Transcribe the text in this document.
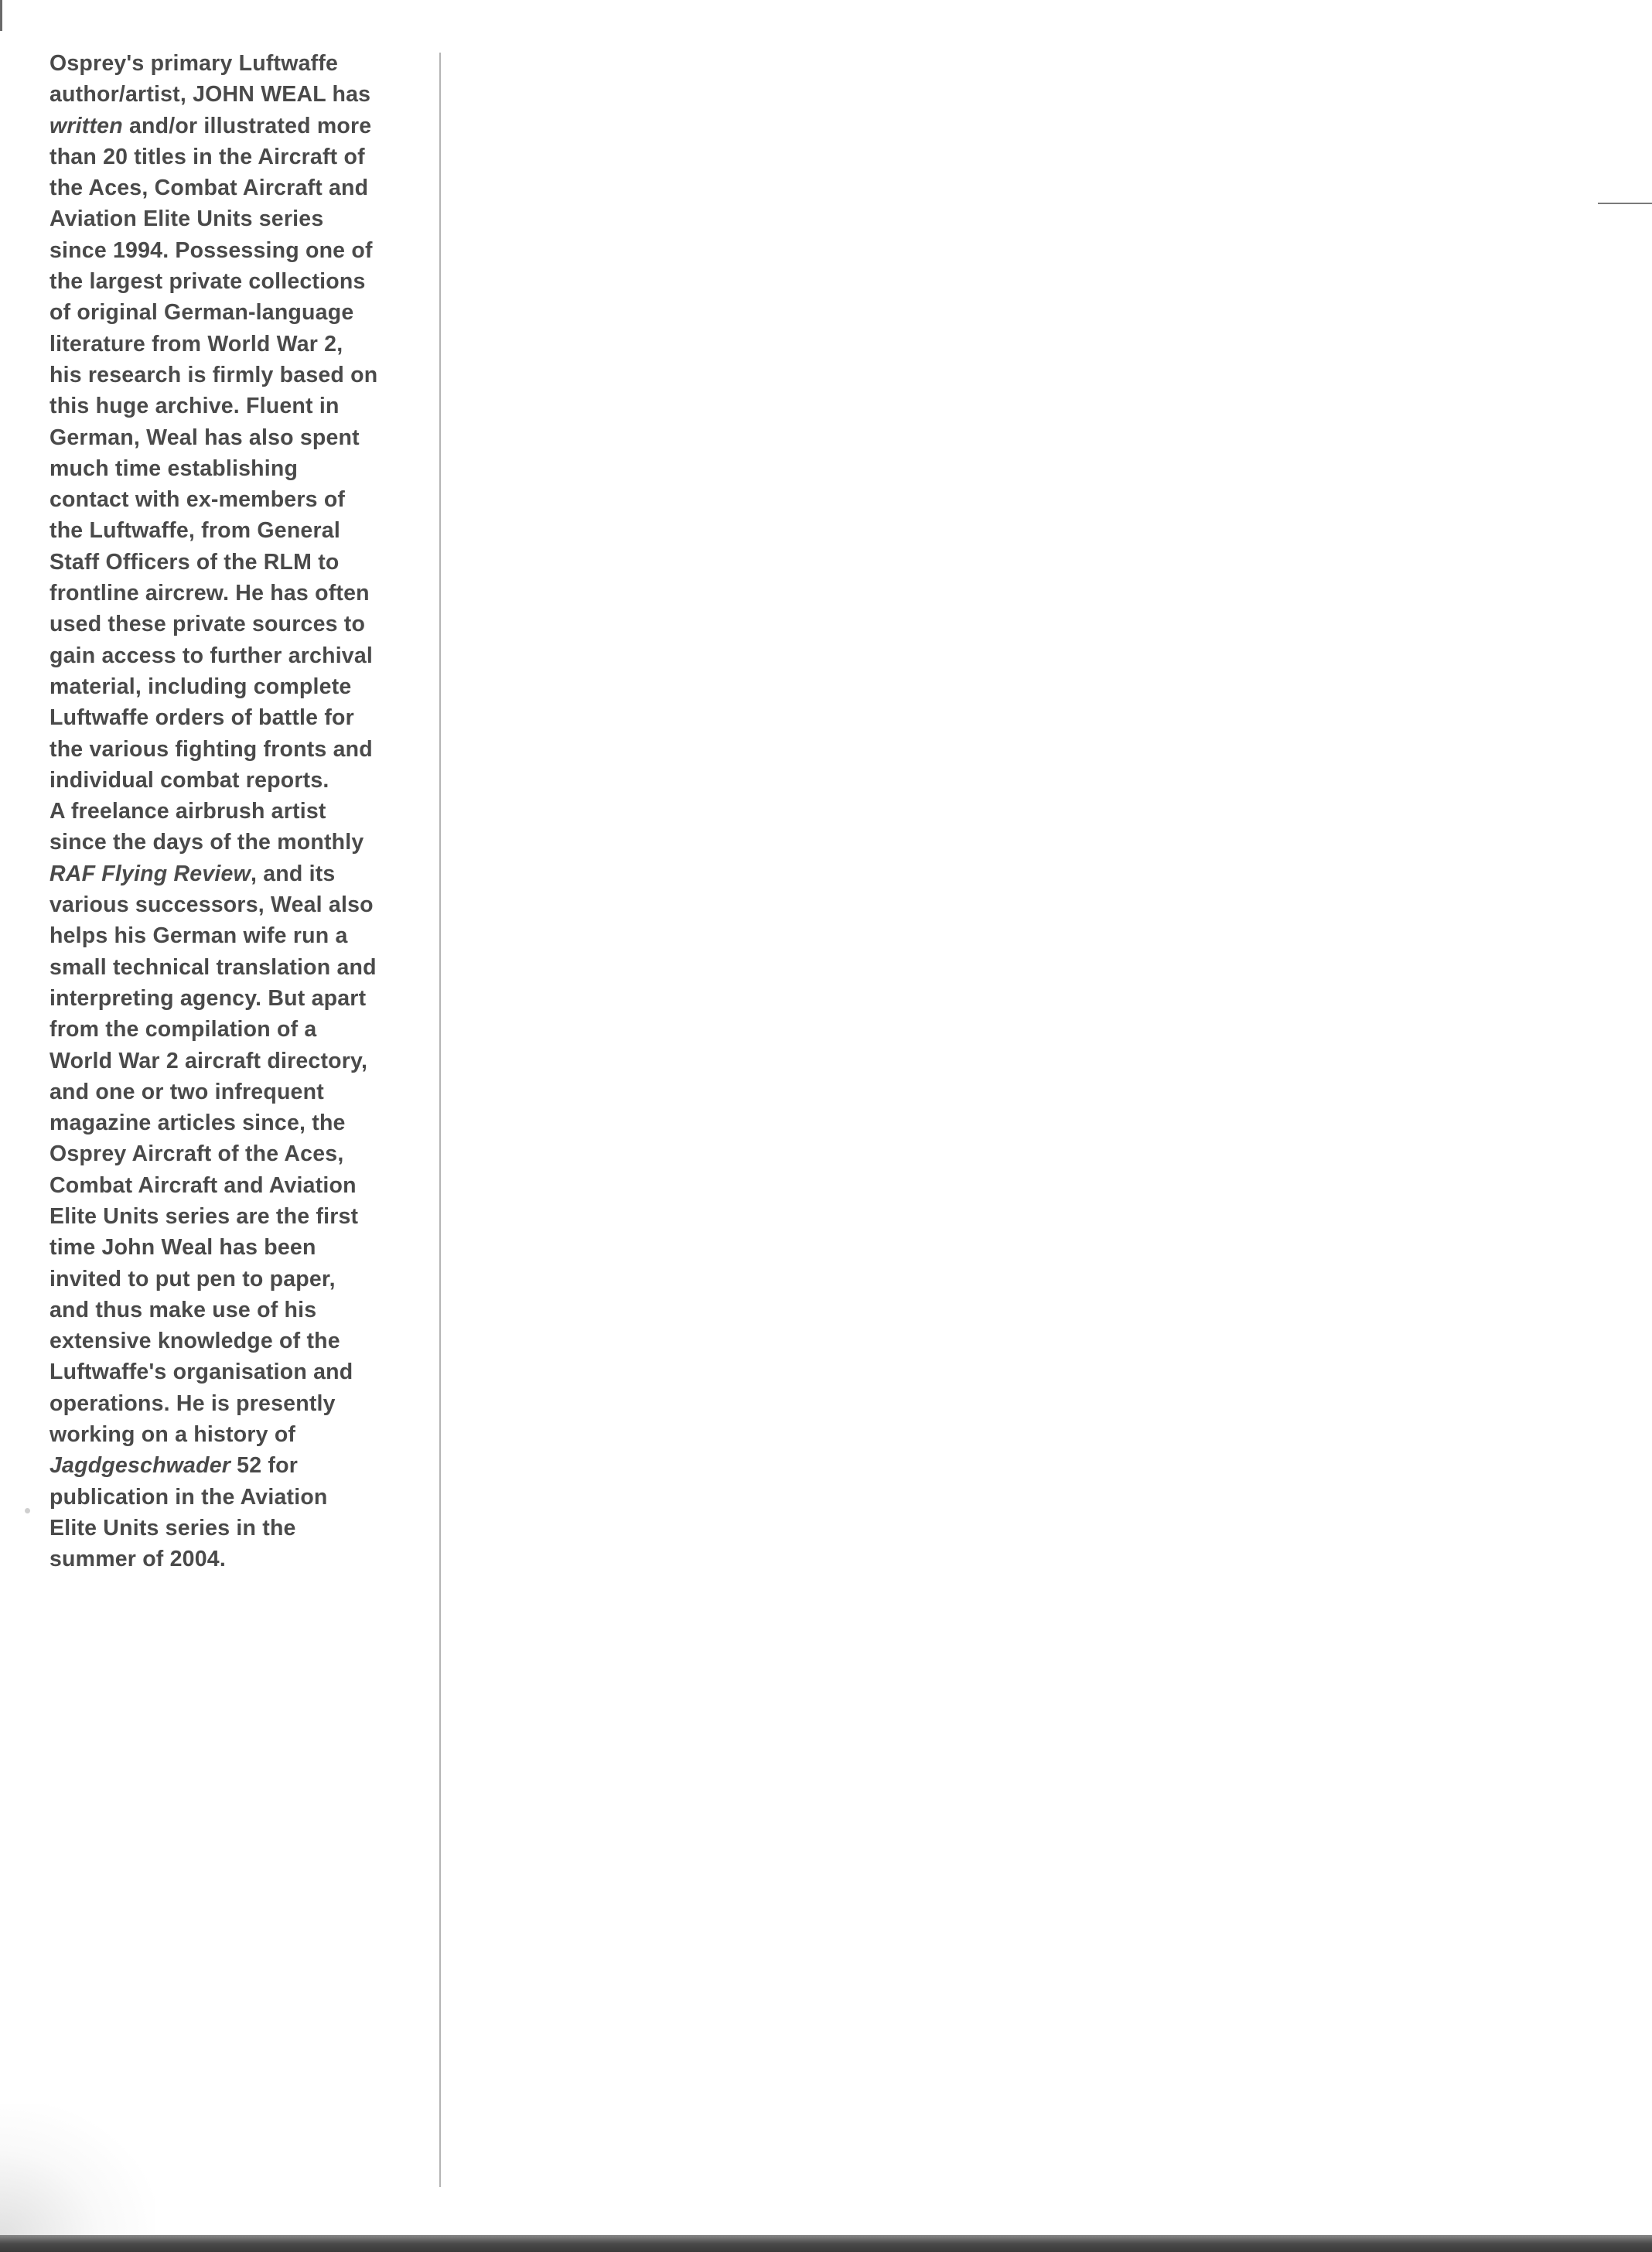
Osprey's primary Luftwaffe
author/artist, JOHN WEAL has
written and/or illustrated more
than 20 titles in the Aircraft of
the Aces, Combat Aircraft and
Aviation Elite Units series
since 1994. Possessing one of
the largest private collections
of original German-language
literature from World War 2,
his research is firmly based on
this huge archive. Fluent in
German, Weal has also spent
much time establishing
contact with ex-members of
the Luftwaffe, from General
Staff Officers of the RLM to
frontline aircrew. He has often
used these private sources to
gain access to further archival
material, including complete
Luftwaffe orders of battle for
the various fighting fronts and
individual combat reports.
A freelance airbrush artist
since the days of the monthly
RAF Flying Review, and its
various successors, Weal also
helps his German wife run a
small technical translation and
interpreting agency. But apart
from the compilation of a
World War 2 aircraft directory,
and one or two infrequent
magazine articles since, the
Osprey Aircraft of the Aces,
Combat Aircraft and Aviation
Elite Units series are the first
time John Weal has been
invited to put pen to paper,
and thus make use of his
extensive knowledge of the
Luftwaffe's organisation and
operations. He is presently
working on a history of
Jagdgeschwader 52 for
publication in the Aviation
Elite Units series in the
summer of 2004.
